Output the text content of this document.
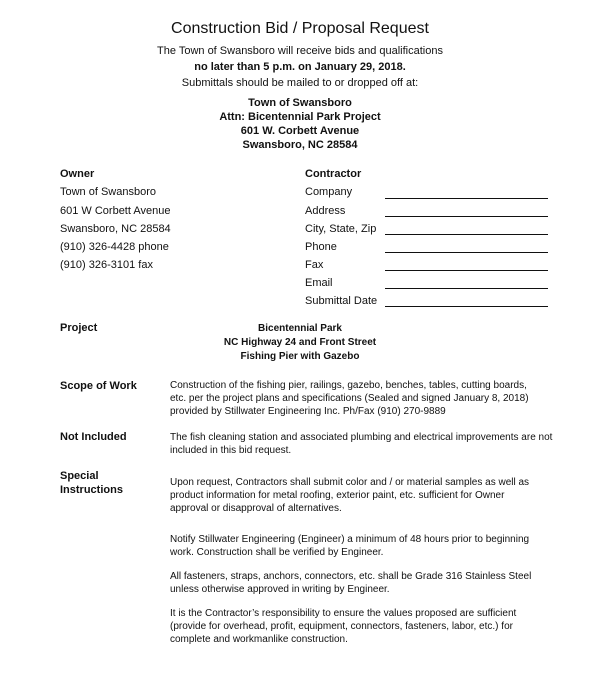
Construction Bid / Proposal Request
The Town of Swansboro will receive bids and qualifications
no later than 5 p.m. on January 29, 2018.
Submittals should be mailed to or dropped off at:
Town of Swansboro
Attn: Bicentennial Park Project
601 W. Corbett Avenue
Swansboro, NC 28584
Owner
Town of Swansboro
601 W Corbett Avenue
Swansboro, NC 28584
(910) 326-4428 phone
(910) 326-3101 fax
Contractor
Company
Address
City, State, Zip
Phone
Fax
Email
Submittal Date
Project	Bicentennial Park
NC Highway 24 and Front Street
Fishing Pier with Gazebo
Scope of Work	Construction of the fishing pier, railings, gazebo, benches, tables, cutting boards,
etc. per the project plans and specifications (Sealed and signed January 8, 2018)
provided by Stillwater Engineering Inc. Ph/Fax (910) 270-9889
Not Included	The fish cleaning station and associated plumbing and electrical improvements are not
included in this bid request.
Special
Instructions
Upon request, Contractors shall submit color and / or material samples as well as
product information for metal roofing, exterior paint, etc. sufficient for Owner
approval or disapproval of alternatives.
Notify Stillwater Engineering (Engineer) a minimum of 48 hours prior to beginning
work. Construction shall be verified by Engineer.
All fasteners, straps, anchors, connectors, etc. shall be Grade 316 Stainless Steel
unless otherwise approved in writing by Engineer.
It is the Contractor’s responsibility to ensure the values proposed are sufficient
(provide for overhead, profit, equipment, connectors, fasteners, labor, etc.) for
complete and workmanlike construction.
